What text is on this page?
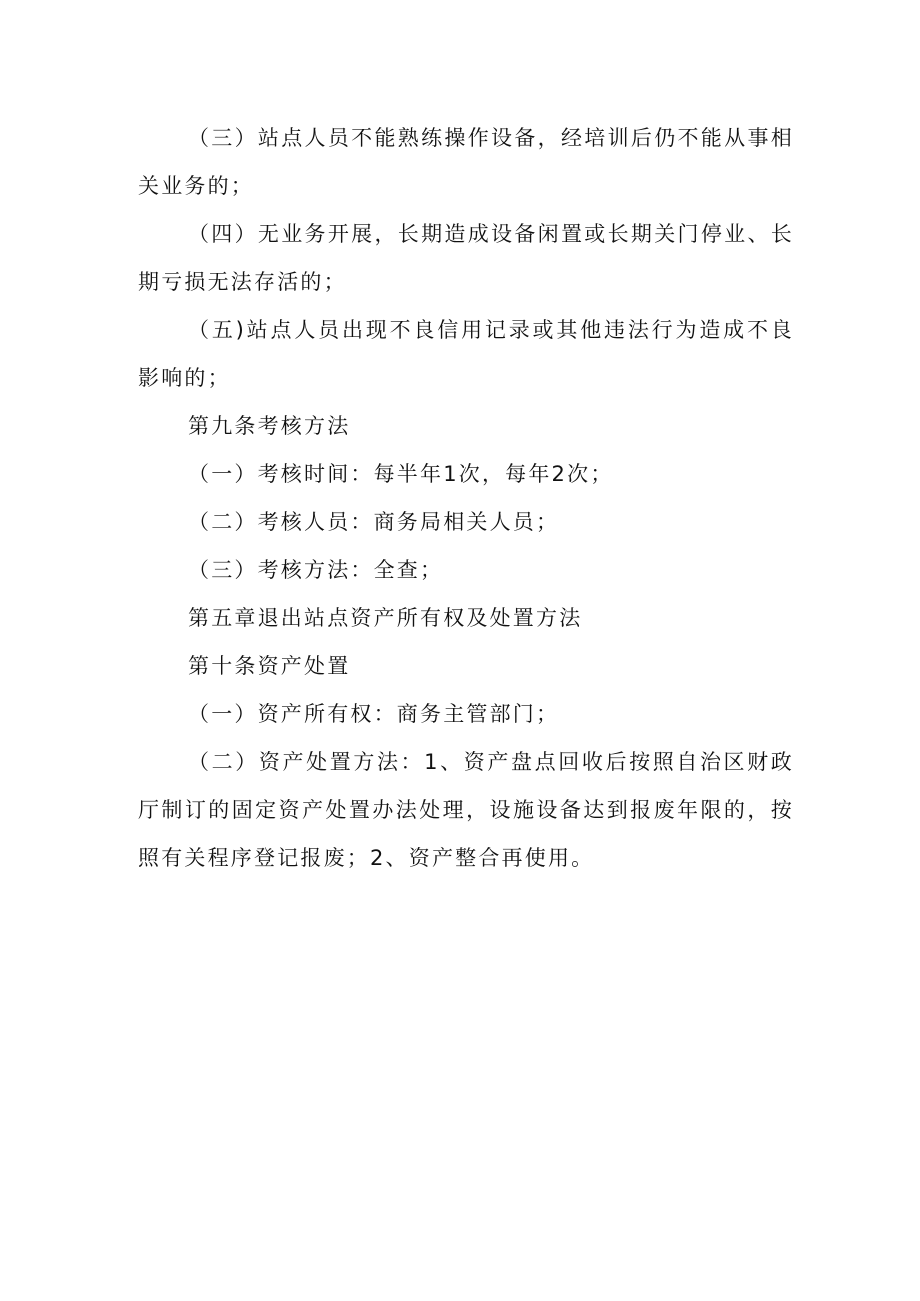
（三）站点人员不能熟练操作设备，经培训后仍不能从事相关业务的；

（四）无业务开展，长期造成设备闲置或长期关门停业、长期亏损无法存活的；

（五)站点人员出现不良信用记录或其他违法行为造成不良影响的；

第九条考核方法

（一）考核时间：每半年1次，每年2次；

（二）考核人员：商务局相关人员；

（三）考核方法：全查；

第五章退出站点资产所有权及处置方法

第十条资产处置

（一）资产所有权：商务主管部门；

（二）资产处置方法：1、资产盘点回收后按照自治区财政厅制订的固定资产处置办法处理，设施设备达到报废年限的，按照有关程序登记报废；2、资产整合再使用。
